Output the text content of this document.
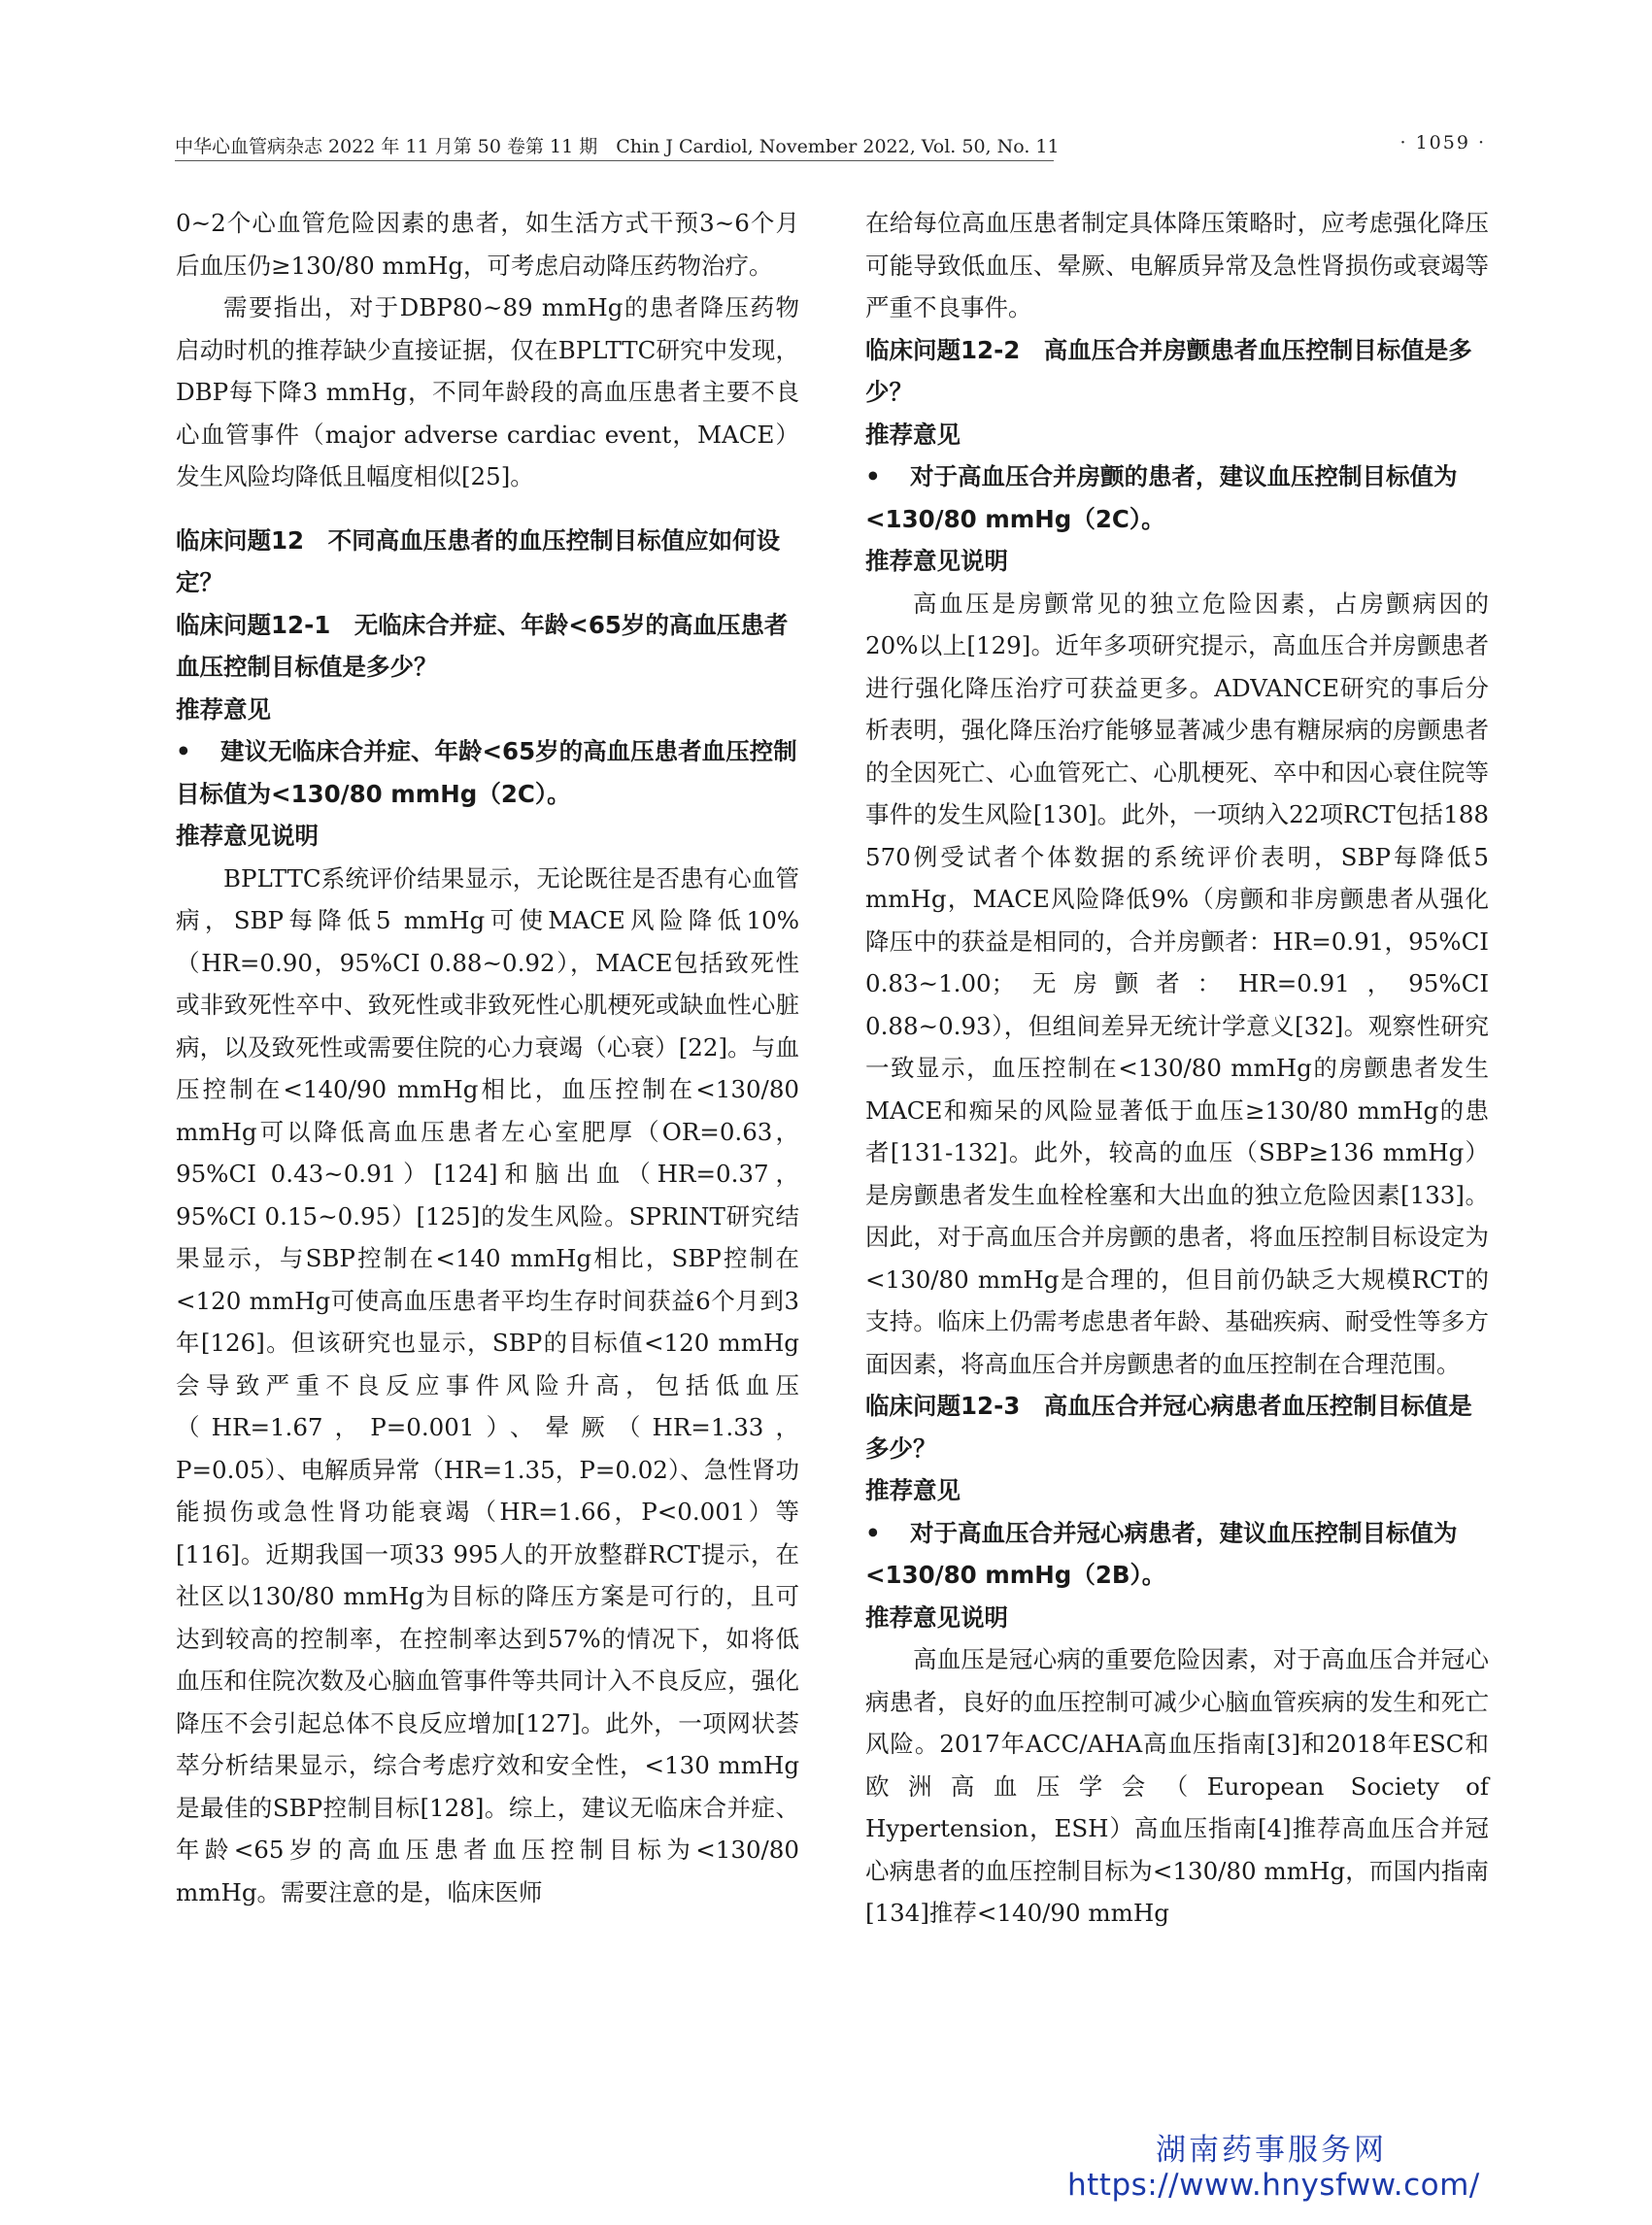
中华心血管病杂志 2022 年 11 月第 50 卷第 11 期　Chin J Cardiol, November 2022, Vol. 50, No. 11	· 1059 ·

0~2个心血管危险因素的患者，如生活方式干预3~6个月后血压仍≥130/80 mmHg，可考虑启动降压药物治疗。

需要指出，对于DBP80~89 mmHg的患者降压药物启动时机的推荐缺少直接证据，仅在BPLTTC研究中发现，DBP每下降3 mmHg，不同年龄段的高血压患者主要不良心血管事件（major adverse cardiac event，MACE）发生风险均降低且幅度相似[25]。

临床问题12　不同高血压患者的血压控制目标值应如何设定？
临床问题12-1　无临床合并症、年龄<65岁的高血压患者血压控制目标值是多少？
推荐意见
• 建议无临床合并症、年龄<65岁的高血压患者血压控制目标值为<130/80 mmHg（2C）。
推荐意见说明

BPLTTC系统评价结果显示，无论既往是否患有心血管病，SBP每降低5 mmHg可使MACE风险降低10%（HR=0.90，95%CI 0.88~0.92），MACE包括致死性或非致死性卒中、致死性或非致死性心肌梗死或缺血性心脏病，以及致死性或需要住院的心力衰竭（心衰）[22]。与血压控制在<140/90 mmHg相比，血压控制在<130/80 mmHg可以降低高血压患者左心室肥厚（OR=0.63，95%CI 0.43~0.91）[124]和脑出血（HR=0.37，95%CI 0.15~0.95）[125]的发生风险。SPRINT研究结果显示，与SBP控制在<140 mmHg相比，SBP控制在<120 mmHg可使高血压患者平均生存时间获益6个月到3年[126]。但该研究也显示，SBP的目标值<120 mmHg会导致严重不良反应事件风险升高，包括低血压（HR=1.67，P=0.001）、晕厥（HR=1.33，P=0.05）、电解质异常（HR=1.35，P=0.02）、急性肾功能损伤或急性肾功能衰竭（HR=1.66，P<0.001）等[116]。近期我国一项33 995人的开放整群RCT提示，在社区以130/80 mmHg为目标的降压方案是可行的，且可达到较高的控制率，在控制率达到57%的情况下，如将低血压和住院次数及心脑血管事件等共同计入不良反应，强化降压不会引起总体不良反应增加[127]。此外，一项网状荟萃分析结果显示，综合考虑疗效和安全性，<130 mmHg是最佳的SBP控制目标[128]。综上，建议无临床合并症、年龄<65岁的高血压患者血压控制目标为<130/80 mmHg。需要注意的是，临床医师

在给每位高血压患者制定具体降压策略时，应考虑强化降压可能导致低血压、晕厥、电解质异常及急性肾损伤或衰竭等严重不良事件。

临床问题12-2　高血压合并房颤患者血压控制目标值是多少？
推荐意见
• 对于高血压合并房颤的患者，建议血压控制目标值为<130/80 mmHg（2C）。
推荐意见说明

高血压是房颤常见的独立危险因素，占房颤病因的20%以上[129]。近年多项研究提示，高血压合并房颤患者进行强化降压治疗可获益更多。ADVANCE研究的事后分析表明，强化降压治疗能够显著减少患有糖尿病的房颤患者的全因死亡、心血管死亡、心肌梗死、卒中和因心衰住院等事件的发生风险[130]。此外，一项纳入22项RCT包括188 570例受试者个体数据的系统评价表明，SBP每降低5 mmHg，MACE风险降低9%（房颤和非房颤患者从强化降压中的获益是相同的，合并房颤者：HR=0.91，95%CI 0.83~1.00；无房颤者：HR=0.91，95%CI 0.88~0.93），但组间差异无统计学意义[32]。观察性研究一致显示，血压控制在<130/80 mmHg的房颤患者发生MACE和痴呆的风险显著低于血压≥130/80 mmHg的患者[131-132]。此外，较高的血压（SBP≥136 mmHg）是房颤患者发生血栓栓塞和大出血的独立危险因素[133]。因此，对于高血压合并房颤的患者，将血压控制目标设定为<130/80 mmHg是合理的，但目前仍缺乏大规模RCT的支持。临床上仍需考虑患者年龄、基础疾病、耐受性等多方面因素，将高血压合并房颤患者的血压控制在合理范围。

临床问题12-3　高血压合并冠心病患者血压控制目标值是多少？
推荐意见
• 对于高血压合并冠心病患者，建议血压控制目标值为<130/80 mmHg（2B）。
推荐意见说明

高血压是冠心病的重要危险因素，对于高血压合并冠心病患者，良好的血压控制可减少心脑血管疾病的发生和死亡风险。2017年ACC/AHA高血压指南[3]和2018年ESC和欧洲高血压学会（European Society of Hypertension，ESH）高血压指南[4]推荐高血压合并冠心病患者的血压控制目标为<130/80 mmHg，而国内指南[134]推荐<140/90 mmHg

湖南药事服务网
https://www.hnysfww.com/
